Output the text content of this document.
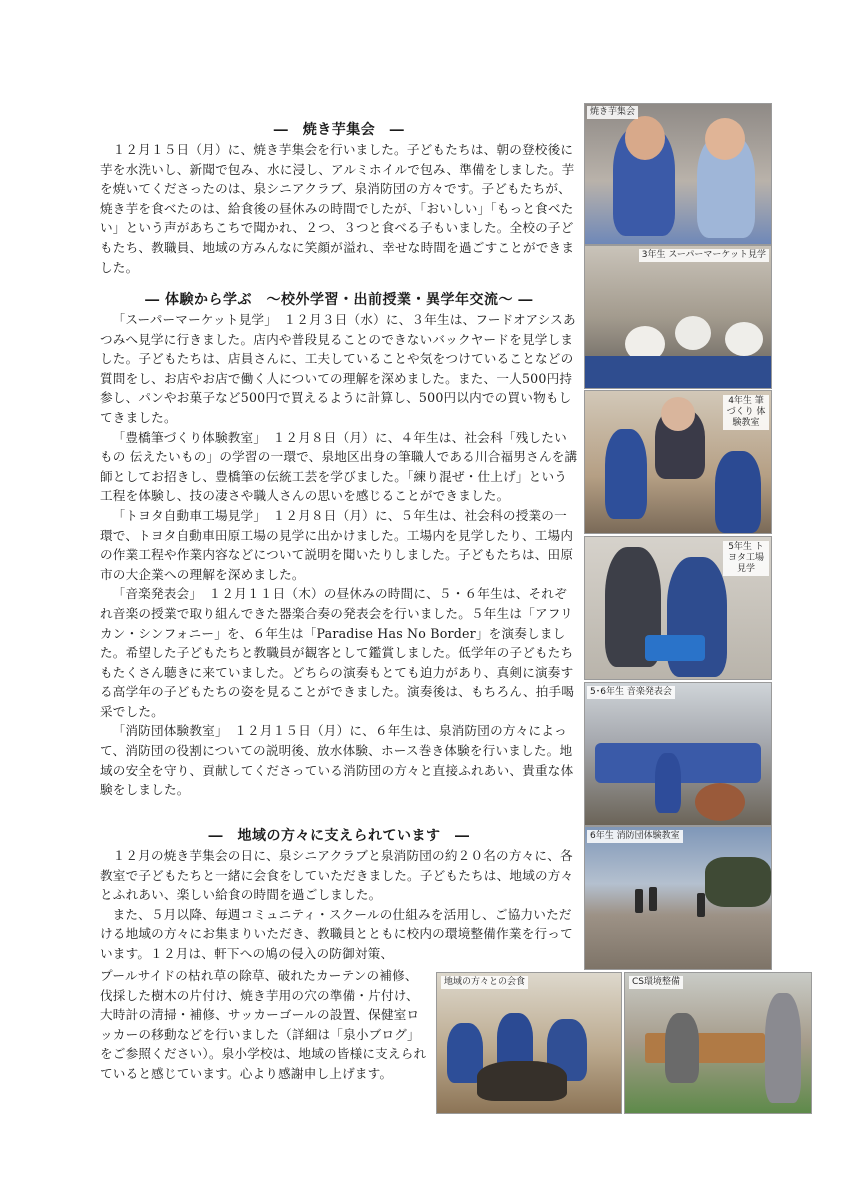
―　焼き芋集会　―

１２月１５日（月）に、焼き芋集会を行いました。子どもたちは、朝の登校後に芋を水洗いし、新聞で包み、水に浸し、アルミホイルで包み、準備をしました。芋を焼いてくださったのは、泉シニアクラブ、泉消防団の方々です。子どもたちが、焼き芋を食べたのは、給食後の昼休みの時間でしたが、「おいしい」「もっと食べたい」という声があちこちで聞かれ、２つ、３つと食べる子もいました。全校の子どもたち、教職員、地域の方みんなに笑顔が溢れ、幸せな時間を過ごすことができました。

― 体験から学ぶ　～校外学習・出前授業・異学年交流～ ―

「スーパーマーケット見学」　１２月３日（水）に、３年生は、フードオアシスあつみへ見学に行きました。店内や普段見ることのできないバックヤードを見学しました。子どもたちは、店員さんに、工夫していることや気をつけていることなどの質問をし、お店やお店で働く人についての理解を深めました。また、一人500円持参し、パンやお菓子など500円で買えるように計算し、500円以内での買い物もしてきました。

「豊橋筆づくり体験教室」　１２月８日（月）に、４年生は、社会科「残したいもの 伝えたいもの」の学習の一環で、泉地区出身の筆職人である川合福男さんを講師としてお招きし、豊橋筆の伝統工芸を学びました。「練り混ぜ・仕上げ」という工程を体験し、技の凄さや職人さんの思いを感じることができました。

「トヨタ自動車工場見学」　１２月８日（月）に、５年生は、社会科の授業の一環で、トヨタ自動車田原工場の見学に出かけました。工場内を見学したり、工場内の作業工程や作業内容などについて説明を聞いたりしました。子どもたちは、田原市の大企業への理解を深めました。

「音楽発表会」　１２月１１日（木）の昼休みの時間に、５・６年生は、それぞれ音楽の授業で取り組んできた器楽合奏の発表会を行いました。５年生は「アフリカン・シンフォニー」を、６年生は「Paradise Has No Border」を演奏しました。希望した子どもたちと教職員が観客として鑑賞しました。低学年の子どもたちもたくさん聴きに来ていました。どちらの演奏もとても迫力があり、真剣に演奏する高学年の子どもたちの姿を見ることができました。演奏後は、もちろん、拍手喝采でした。

「消防団体験教室」　１２月１５日（月）に、６年生は、泉消防団の方々によって、消防団の役割についての説明後、放水体験、ホース巻き体験を行いました。地域の安全を守り、貢献してくださっている消防団の方々と直接ふれあい、貴重な体験をしました。

―　地域の方々に支えられています　―

１２月の焼き芋集会の日に、泉シニアクラブと泉消防団の約２０名の方々に、各教室で子どもたちと一緒に会食をしていただきました。子どもたちは、地域の方々とふれあい、楽しい給食の時間を過ごしました。

また、５月以降、毎週コミュニティ・スクールの仕組みを活用し、ご協力いただける地域の方々にお集まりいただき、教職員とともに校内の環境整備作業を行っています。１２月は、軒下への鳩の侵入の防御対策、

プールサイドの枯れ草の除草、破れたカーテンの補修、伐採した樹木の片付け、焼き芋用の穴の準備・片付け、大時計の清掃・補修、サッカーゴールの設置、保健室ロッカーの移動などを行いました（詳細は「泉小ブログ」をご参照ください）。泉小学校は、地域の皆様に支えられていると感じています。心より感謝申し上げます。

焼き芋集会
3年生 スーパーマーケット見学
4年生 筆づくり 体験教室
5年生 トヨタ工場 見学
5･6年生 音楽発表会
6年生 消防団体験教室
地域の方々との会食	CS環境整備
